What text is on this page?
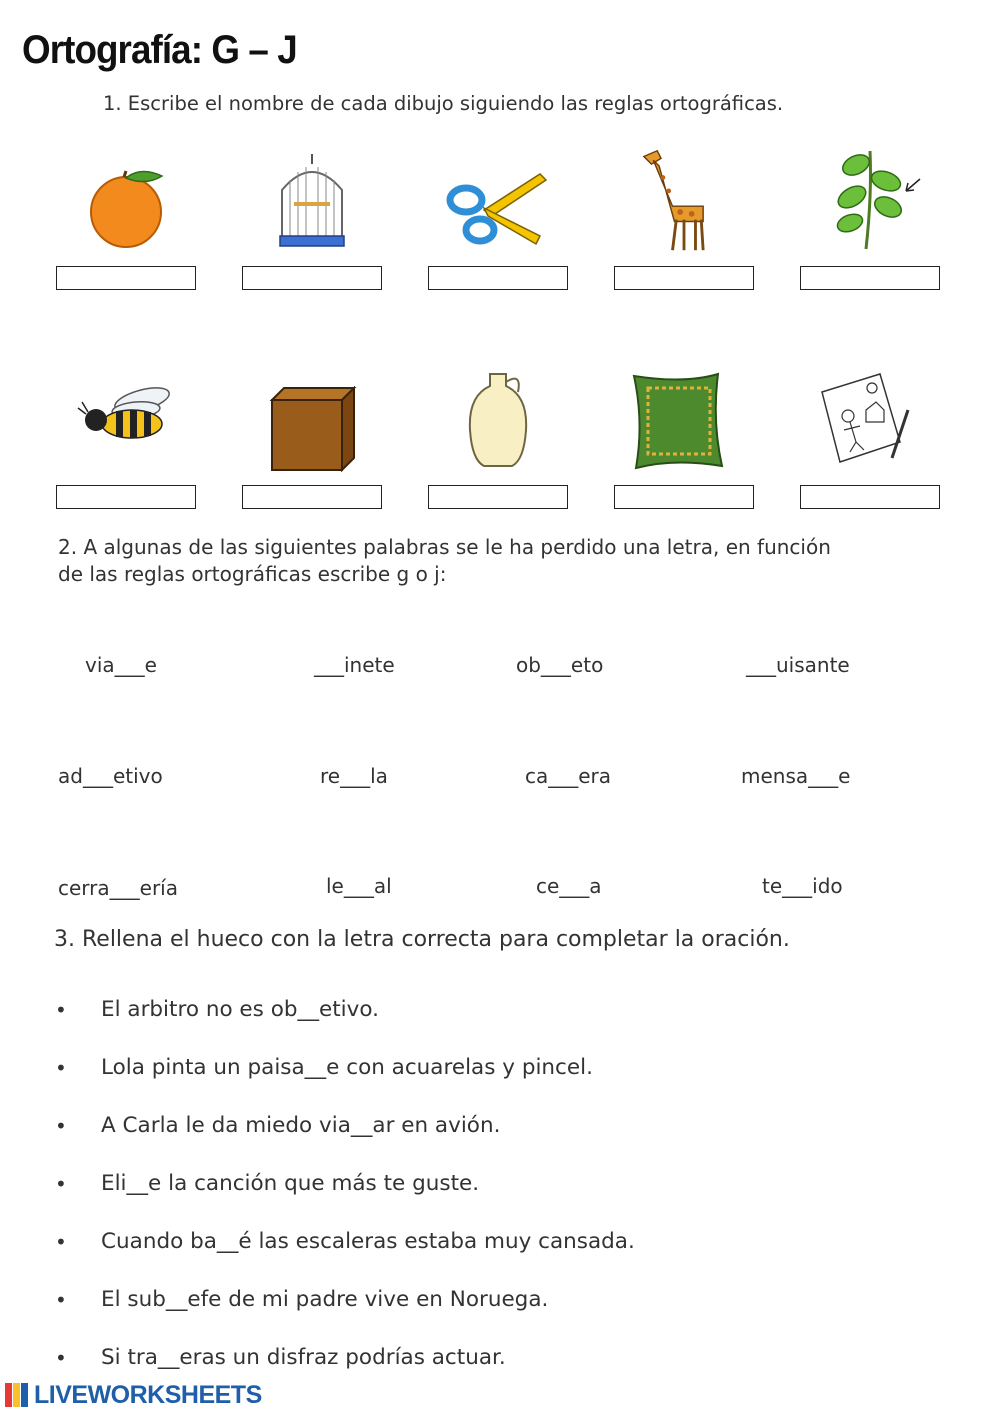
Ortografía: G – J
1. Escribe el nombre de cada dibujo siguiendo las reglas ortográficas.
2. A algunas de las siguientes palabras se le ha perdido una letra, en función
de las reglas ortográficas escribe g o j:
via___e	___inete	ob___eto	___uisante
ad___etivo	re___la	ca___era	mensa___e
cerra___ería	le___al	ce___a	te___ido
3. Rellena el hueco con la letra correcta para completar la oración.
• El arbitro no es ob__etivo.
• Lola pinta un paisa__e con acuarelas y pincel.
• A Carla le da miedo via__ar en avión.
• Eli__e la canción que más te guste.
• Cuando ba__é las escaleras estaba muy cansada.
• El sub__efe de mi padre vive en Noruega.
• Si tra__eras un disfraz podrías actuar.
LIVEWORKSHEETS
